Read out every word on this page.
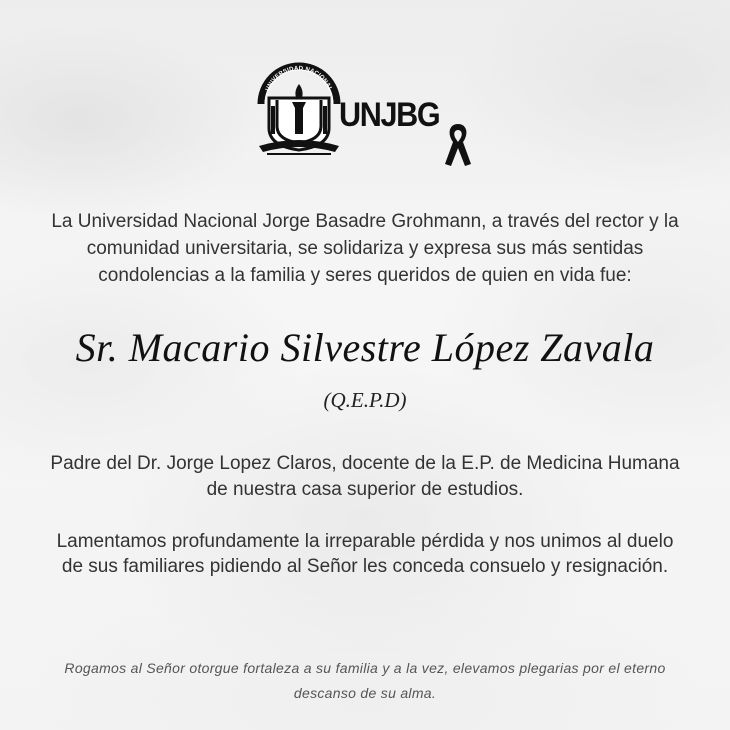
UNIVERSIDAD NACIONAL
UNJBG
La Universidad Nacional Jorge Basadre Grohmann, a través del rector y la comunidad universitaria, se solidariza y expresa sus más sentidas condolencias a la familia y seres queridos de quien en vida fue:
Sr. Macario Silvestre López Zavala
(Q.E.P.D)
Padre del Dr. Jorge Lopez Claros, docente de la E.P. de Medicina Humana de nuestra casa superior de estudios.
Lamentamos profundamente la irreparable pérdida y nos unimos al duelo de sus familiares pidiendo al Señor les conceda consuelo y resignación.
Rogamos al Señor otorgue fortaleza a su familia y a la vez, elevamos plegarias por el eterno descanso de su alma.
